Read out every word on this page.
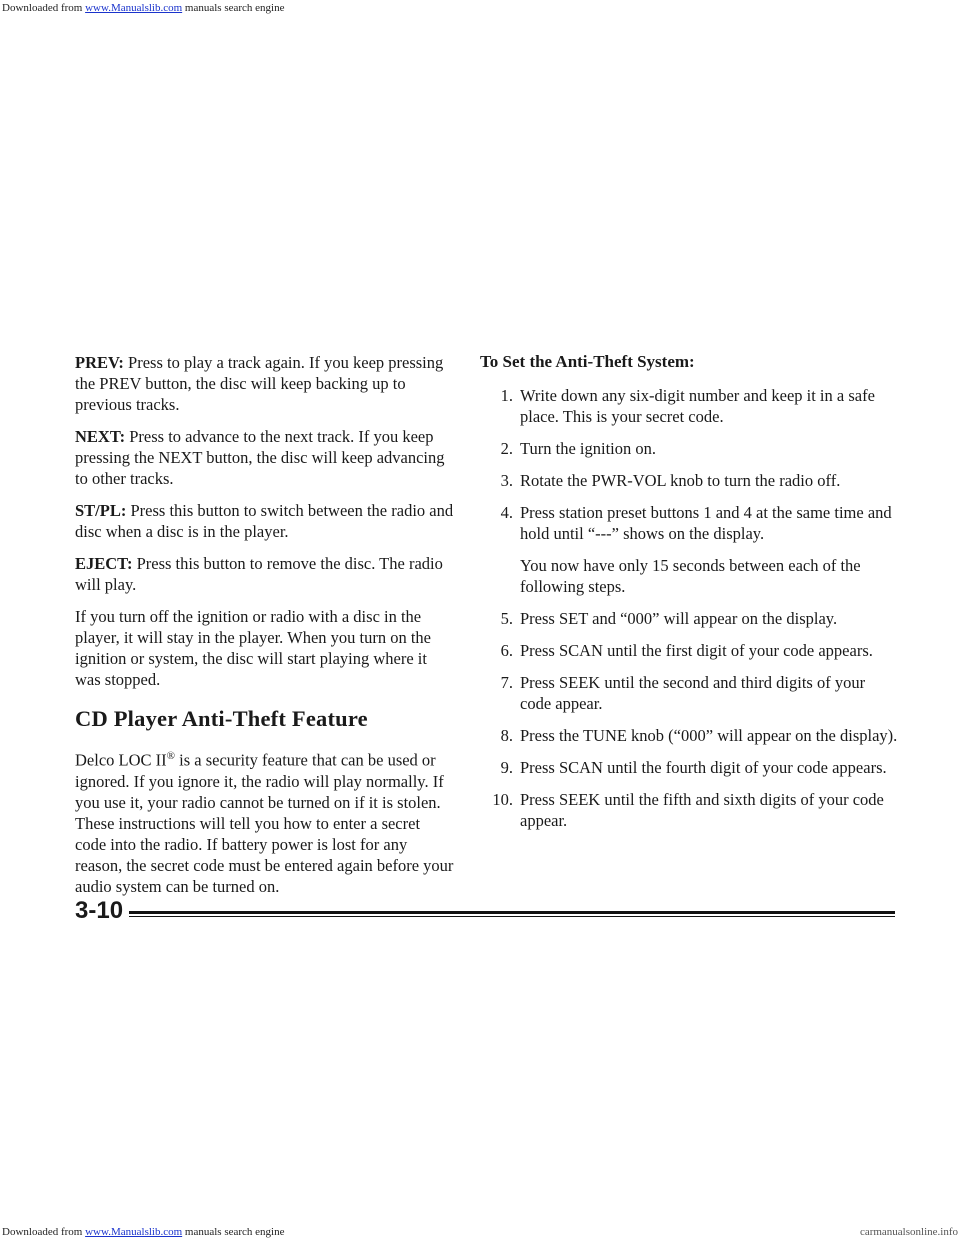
Downloaded from www.Manualslib.com manuals search engine

PREV: Press to play a track again. If you keep pressing the PREV button, the disc will keep backing up to previous tracks.

NEXT: Press to advance to the next track. If you keep pressing the NEXT button, the disc will keep advancing to other tracks.

ST/PL: Press this button to switch between the radio and disc when a disc is in the player.

EJECT: Press this button to remove the disc. The radio will play.

If you turn off the ignition or radio with a disc in the player, it will stay in the player. When you turn on the ignition or system, the disc will start playing where it was stopped.

CD Player Anti-Theft Feature

Delco LOC II® is a security feature that can be used or ignored. If you ignore it, the radio will play normally. If you use it, your radio cannot be turned on if it is stolen. These instructions will tell you how to enter a secret code into the radio. If battery power is lost for any reason, the secret code must be entered again before your audio system can be turned on.

To Set the Anti-Theft System:
1. Write down any six-digit number and keep it in a safe place. This is your secret code.
2. Turn the ignition on.
3. Rotate the PWR-VOL knob to turn the radio off.
4. Press station preset buttons 1 and 4 at the same time and hold until “---” shows on the display.

You now have only 15 seconds between each of the following steps.

5. Press SET and “000” will appear on the display.
6. Press SCAN until the first digit of your code appears.
7. Press SEEK until the second and third digits of your code appear.
8. Press the TUNE knob (“000” will appear on the display).
9. Press SCAN until the fourth digit of your code appears.
10. Press SEEK until the fifth and sixth digits of your code appear.
3-10
Downloaded from www.Manualslib.com manuals search engine	carmanualsonline.info
